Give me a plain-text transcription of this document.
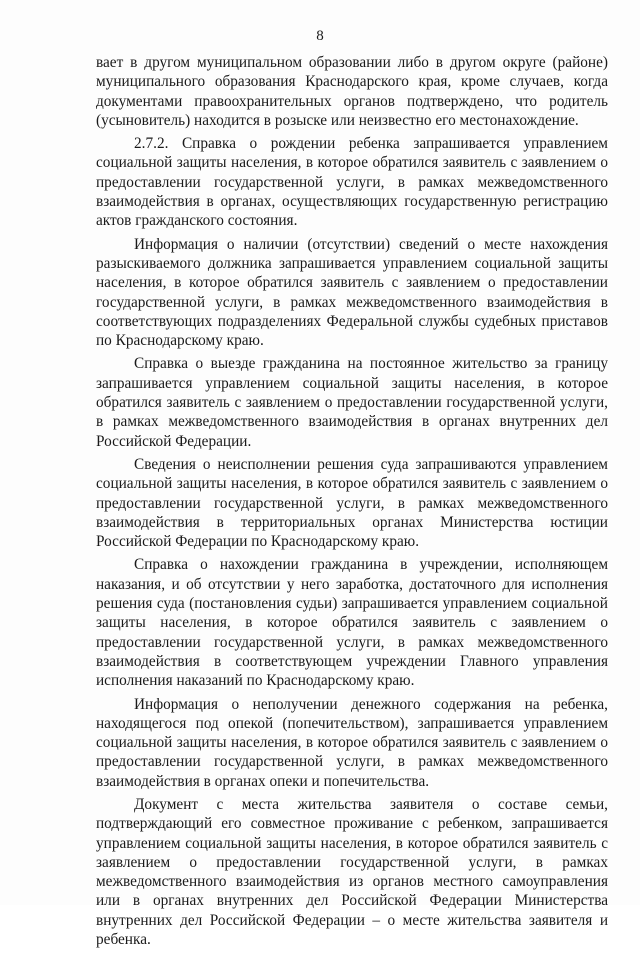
8

вает в другом муниципальном образовании либо в другом округе (районе) муниципального образования Краснодарского края, кроме случаев, когда документами правоохранительных органов подтверждено, что родитель (усыновитель) находится в розыске или неизвестно его местонахождение.

2.7.2. Справка о рождении ребенка запрашивается управлением социальной защиты населения, в которое обратился заявитель с заявлением о предоставлении государственной услуги, в рамках межведомственного взаимодействия в органах, осуществляющих государственную регистрацию актов гражданского состояния.

Информация о наличии (отсутствии) сведений о месте нахождения разыскиваемого должника запрашивается управлением социальной защиты населения, в которое обратился заявитель с заявлением о предоставлении государственной услуги, в рамках межведомственного взаимодействия в соответствующих подразделениях Федеральной службы судебных приставов по Краснодарскому краю.

Справка о выезде гражданина на постоянное жительство за границу запрашивается управлением социальной защиты населения, в которое обратился заявитель с заявлением о предоставлении государственной услуги, в рамках межведомственного взаимодействия в органах внутренних дел Российской Федерации.

Сведения о неисполнении решения суда запрашиваются управлением социальной защиты населения, в которое обратился заявитель с заявлением о предоставлении государственной услуги, в рамках межведомственного взаимодействия в территориальных органах Министерства юстиции Российской Федерации по Краснодарскому краю.

Справка о нахождении гражданина в учреждении, исполняющем наказания, и об отсутствии у него заработка, достаточного для исполнения решения суда (постановления судьи) запрашивается управлением социальной защиты населения, в которое обратился заявитель с заявлением о предоставлении государственной услуги, в рамках межведомственного взаимодействия в соответствующем учреждении Главного управления исполнения наказаний по Краснодарскому краю.

Информация о неполучении денежного содержания на ребенка, находящегося под опекой (попечительством), запрашивается управлением социальной защиты населения, в которое обратился заявитель с заявлением о предоставлении государственной услуги, в рамках межведомственного взаимодействия в органах опеки и попечительства.

Документ с места жительства заявителя о составе семьи, подтверждающий его совместное проживание с ребенком, запрашивается управлением социальной защиты населения, в которое обратился заявитель с заявлением о предоставлении государственной услуги, в рамках межведомственного взаимодействия из органов местного самоуправления или в органах внутренних дел Российской Федерации Министерства внутренних дел Российской Федерации – о месте жительства заявителя и ребенка.
